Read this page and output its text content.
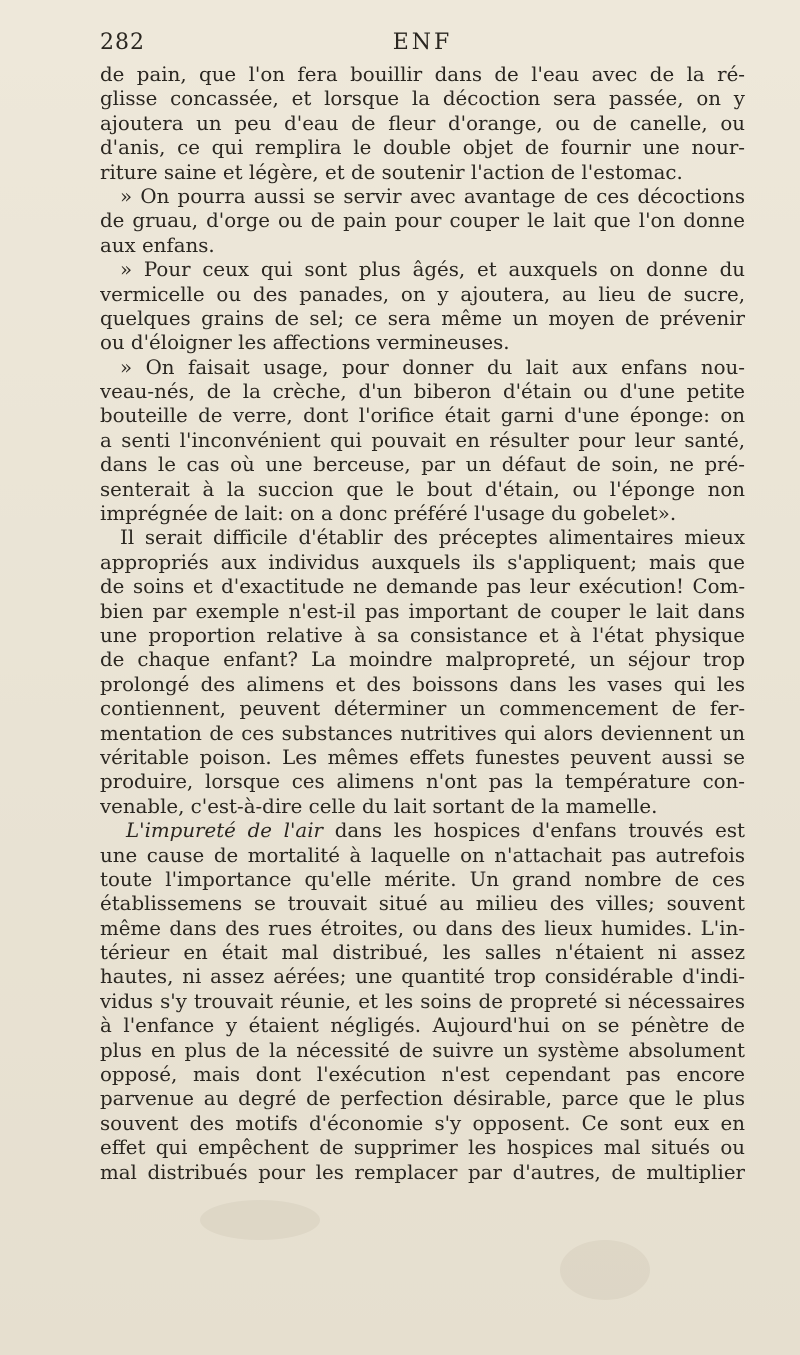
282	ENF
de pain, que l'on fera bouillir dans de l'eau avec de la ré-
glisse concassée, et lorsque la décoction sera passée, on y
ajoutera un peu d'eau de fleur d'orange, ou de canelle, ou
d'anis, ce qui remplira le double objet de fournir une nour-
riture saine et légère, et de soutenir l'action de l'estomac.
» On pourra aussi se servir avec avantage de ces décoctions
de gruau, d'orge ou de pain pour couper le lait que l'on donne
aux enfans.
» Pour ceux qui sont plus âgés, et auxquels on donne du
vermicelle ou des panades, on y ajoutera, au lieu de sucre,
quelques grains de sel; ce sera même un moyen de prévenir
ou d'éloigner les affections vermineuses.
» On faisait usage, pour donner du lait aux enfans nou-
veau-nés, de la crèche, d'un biberon d'étain ou d'une petite
bouteille de verre, dont l'orifice était garni d'une éponge: on
a senti l'inconvénient qui pouvait en résulter pour leur santé,
dans le cas où une berceuse, par un défaut de soin, ne pré-
senterait à la succion que le bout d'étain, ou l'éponge non
imprégnée de lait: on a donc préféré l'usage du gobelet».
Il serait difficile d'établir des préceptes alimentaires mieux
appropriés aux individus auxquels ils s'appliquent; mais que
de soins et d'exactitude ne demande pas leur exécution! Com-
bien par exemple n'est-il pas important de couper le lait dans
une proportion relative à sa consistance et à l'état physique
de chaque enfant? La moindre malpropreté, un séjour trop
prolongé des alimens et des boissons dans les vases qui les
contiennent, peuvent déterminer un commencement de fer-
mentation de ces substances nutritives qui alors deviennent un
véritable poison. Les mêmes effets funestes peuvent aussi se
produire, lorsque ces alimens n'ont pas la température con-
venable, c'est-à-dire celle du lait sortant de la mamelle.
L'impureté de l'air dans les hospices d'enfans trouvés est
une cause de mortalité à laquelle on n'attachait pas autrefois
toute l'importance qu'elle mérite. Un grand nombre de ces
établissemens se trouvait situé au milieu des villes; souvent
même dans des rues étroites, ou dans des lieux humides. L'in-
térieur en était mal distribué, les salles n'étaient ni assez
hautes, ni assez aérées; une quantité trop considérable d'indi-
vidus s'y trouvait réunie, et les soins de propreté si nécessaires
à l'enfance y étaient négligés. Aujourd'hui on se pénètre de
plus en plus de la nécessité de suivre un système absolument
opposé, mais dont l'exécution n'est cependant pas encore
parvenue au degré de perfection désirable, parce que le plus
souvent des motifs d'économie s'y opposent. Ce sont eux en
effet qui empêchent de supprimer les hospices mal situés ou
mal distribués pour les remplacer par d'autres, de multiplier
